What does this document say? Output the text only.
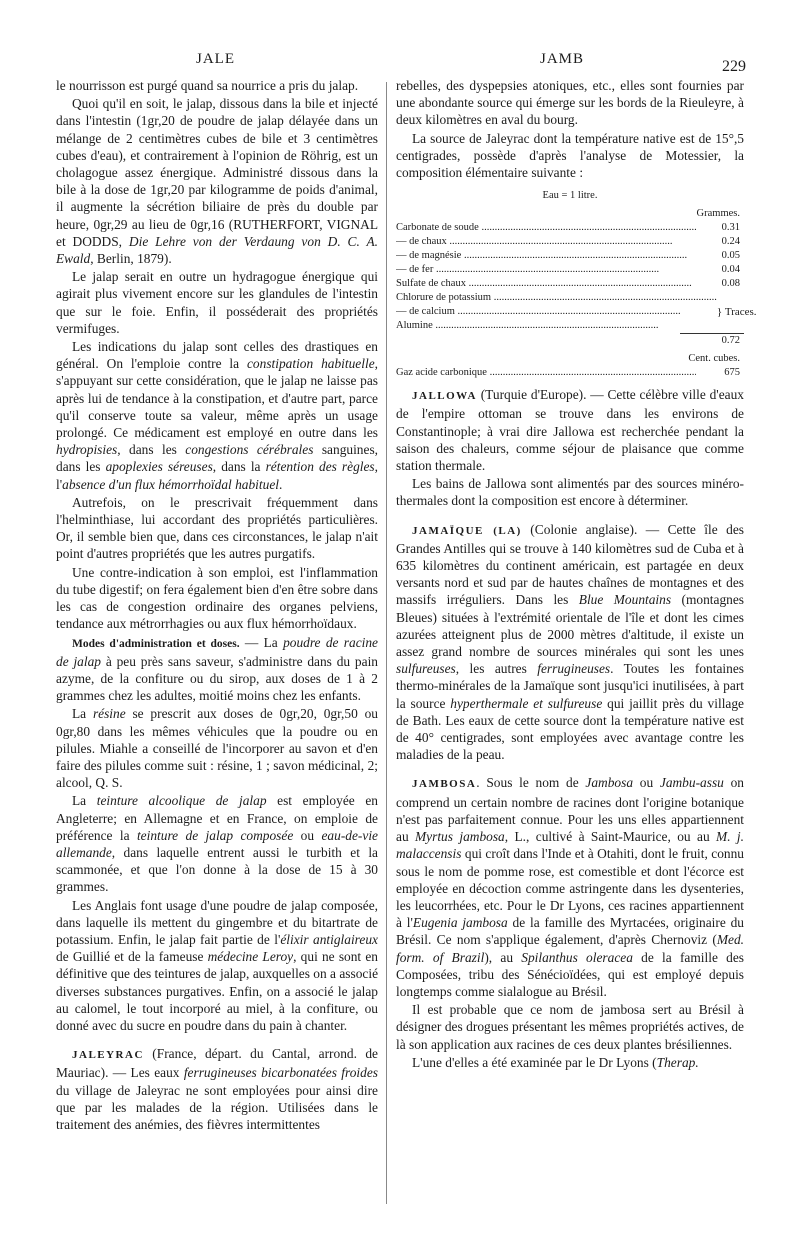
JALE	JAMB	229

le nourrisson est purgé quand sa nourrice a pris du jalap.

Quoi qu'il en soit, le jalap, dissous dans la bile et injecté dans l'intestin (1gr,20 de poudre de jalap délayée dans un mélange de 2 centimètres cubes de bile et 3 centimètres cubes d'eau), et contrairement à l'opinion de Röhrig, est un cholagogue assez énergique. Administré dissous dans la bile à la dose de 1gr,20 par kilogramme de poids d'animal, il augmente la sécrétion biliaire de près du double par heure, 0gr,29 au lieu de 0gr,16 (RUTHERFORT, VIGNAL et DODDS, Die Lehre von der Verdaung von D. C. A. Ewald, Berlin, 1879).

Le jalap serait en outre un hydragogue énergique qui agirait plus vivement encore sur les glandules de l'intestin que sur le foie. Enfin, il posséderait des propriétés vermifuges.

Les indications du jalap sont celles des drastiques en général. On l'emploie contre la constipation habituelle, s'appuyant sur cette considération, que le jalap ne laisse pas après lui de tendance à la constipation, et d'autre part, parce qu'il conserve toute sa valeur, même après un usage prolongé. Ce médicament est employé en outre dans les hydropisies, dans les congestions cérébrales sanguines, dans les apoplexies séreuses, dans la rétention des règles, l'absence d'un flux hémorrhoïdal habituel.

Autrefois, on le prescrivait fréquemment dans l'helminthiase, lui accordant des propriétés particulières. Or, il semble bien que, dans ces circonstances, le jalap n'ait point d'autres propriétés que les autres purgatifs.

Une contre-indication à son emploi, est l'inflammation du tube digestif; on fera également bien d'en être sobre dans les cas de congestion ordinaire des organes pelviens, tendance aux métrorrhagies ou aux flux hémorrhoïdaux.

Modes d'administration et doses. — La poudre de racine de jalap à peu près sans saveur, s'administre dans du pain azyme, de la confiture ou du sirop, aux doses de 1 à 2 grammes chez les adultes, moitié moins chez les enfants.

La résine se prescrit aux doses de 0gr,20, 0gr,50 ou 0gr,80 dans les mêmes véhicules que la poudre ou en pilules. Miahle a conseillé de l'incorporer au savon et d'en faire des pilules comme suit : résine, 1 ; savon médicinal, 2; alcool, Q. S.

La teinture alcoolique de jalap est employée en Angleterre; en Allemagne et en France, on emploie de préférence la teinture de jalap composée ou eau-de-vie allemande, dans laquelle entrent aussi le turbith et la scammonée, et que l'on donne à la dose de 15 à 30 grammes.

Les Anglais font usage d'une poudre de jalap composée, dans laquelle ils mettent du gingembre et du bitartrate de potassium. Enfin, le jalap fait partie de l'élixir antiglaireux de Guillié et de la fameuse médecine Leroy, qui ne sont en définitive que des teintures de jalap, auxquelles on a associé diverses substances purgatives. Enfin, on a associé le jalap au calomel, le tout incorporé au miel, à la confiture, ou donné avec du sucre en poudre dans du pain à chanter.

JALEYRAC (France, départ. du Cantal, arrond. de Mauriac). — Les eaux ferrugineuses bicarbonatées froides du village de Jaleyrac ne sont employées pour ainsi dire que par les malades de la région. Utilisées dans le traitement des anémies, des fièvres intermittentes

rebelles, des dyspepsies atoniques, etc., elles sont fournies par une abondante source qui émerge sur les bords de la Rieuleyre, à deux kilomètres en aval du bourg.

La source de Jaleyrac dont la température native est de 15°,5 centigrades, possède d'après l'analyse de Motessier, la composition élémentaire suivante :

Eau = 1 litre.
Grammes.
Carbonate de soude .....	0.31
— de chaux .....	0.24
— de magnésie .....	0.05
— de fer .....	0.04
Sulfate de chaux .....	0.08
Chlorure de potassium .....
— de calcium .....
Alumine .....
} Traces.
0.72
Cent. cubes.
Gaz acide carbonique .....	675

JALLOWA (Turquie d'Europe). — Cette célèbre ville d'eaux de l'empire ottoman se trouve dans les environs de Constantinople; à vrai dire Jallowa est recherchée pendant la saison des chaleurs, comme séjour de plaisance que comme station thermale.

Les bains de Jallowa sont alimentés par des sources minéro-thermales dont la composition est encore à déterminer.

JAMAÏQUE (LA) (Colonie anglaise). — Cette île des Grandes Antilles qui se trouve à 140 kilomètres sud de Cuba et à 635 kilomètres du continent américain, est partagée en deux versants nord et sud par de hautes chaînes de montagnes et des massifs irréguliers. Dans les Blue Mountains (montagnes Bleues) situées à l'extrémité orientale de l'île et dont les cimes azurées atteignent plus de 2000 mètres d'altitude, il existe un assez grand nombre de sources minérales qui sont les unes sulfureuses, les autres ferrugineuses. Toutes les fontaines thermo-minérales de la Jamaïque sont jusqu'ici inutilisées, à part la source hyperthermale et sulfureuse qui jaillit près du village de Bath. Les eaux de cette source dont la température native est de 40° centigrades, sont employées avec avantage contre les maladies de la peau.

JAMBOSA. Sous le nom de Jambosa ou Jambu-assu on comprend un certain nombre de racines dont l'origine botanique n'est pas parfaitement connue. Pour les uns elles appartiennent au Myrtus jambosa, L., cultivé à Saint-Maurice, ou au M. j. malaccensis qui croît dans l'Inde et à Otahiti, dont le fruit, connu sous le nom de pomme rose, est comestible et dont l'écorce est employée en décoction comme astringente dans les dysenteries, les leucorrhées, etc. Pour le Dr Lyons, ces racines appartiennent à l'Eugenia jambosa de la famille des Myrtacées, originaire du Brésil. Ce nom s'applique également, d'après Chernoviz (Med. form. of Brazil), au Spilanthus oleracea de la famille des Composées, tribu des Sénécioïdées, qui est employé depuis longtemps comme sialalogue au Brésil.

Il est probable que ce nom de jambosa sert au Brésil à désigner des drogues présentant les mêmes propriétés actives, de là son application aux racines de ces deux plantes brésiliennes.

L'une d'elles a été examinée par le Dr Lyons (Therap.
